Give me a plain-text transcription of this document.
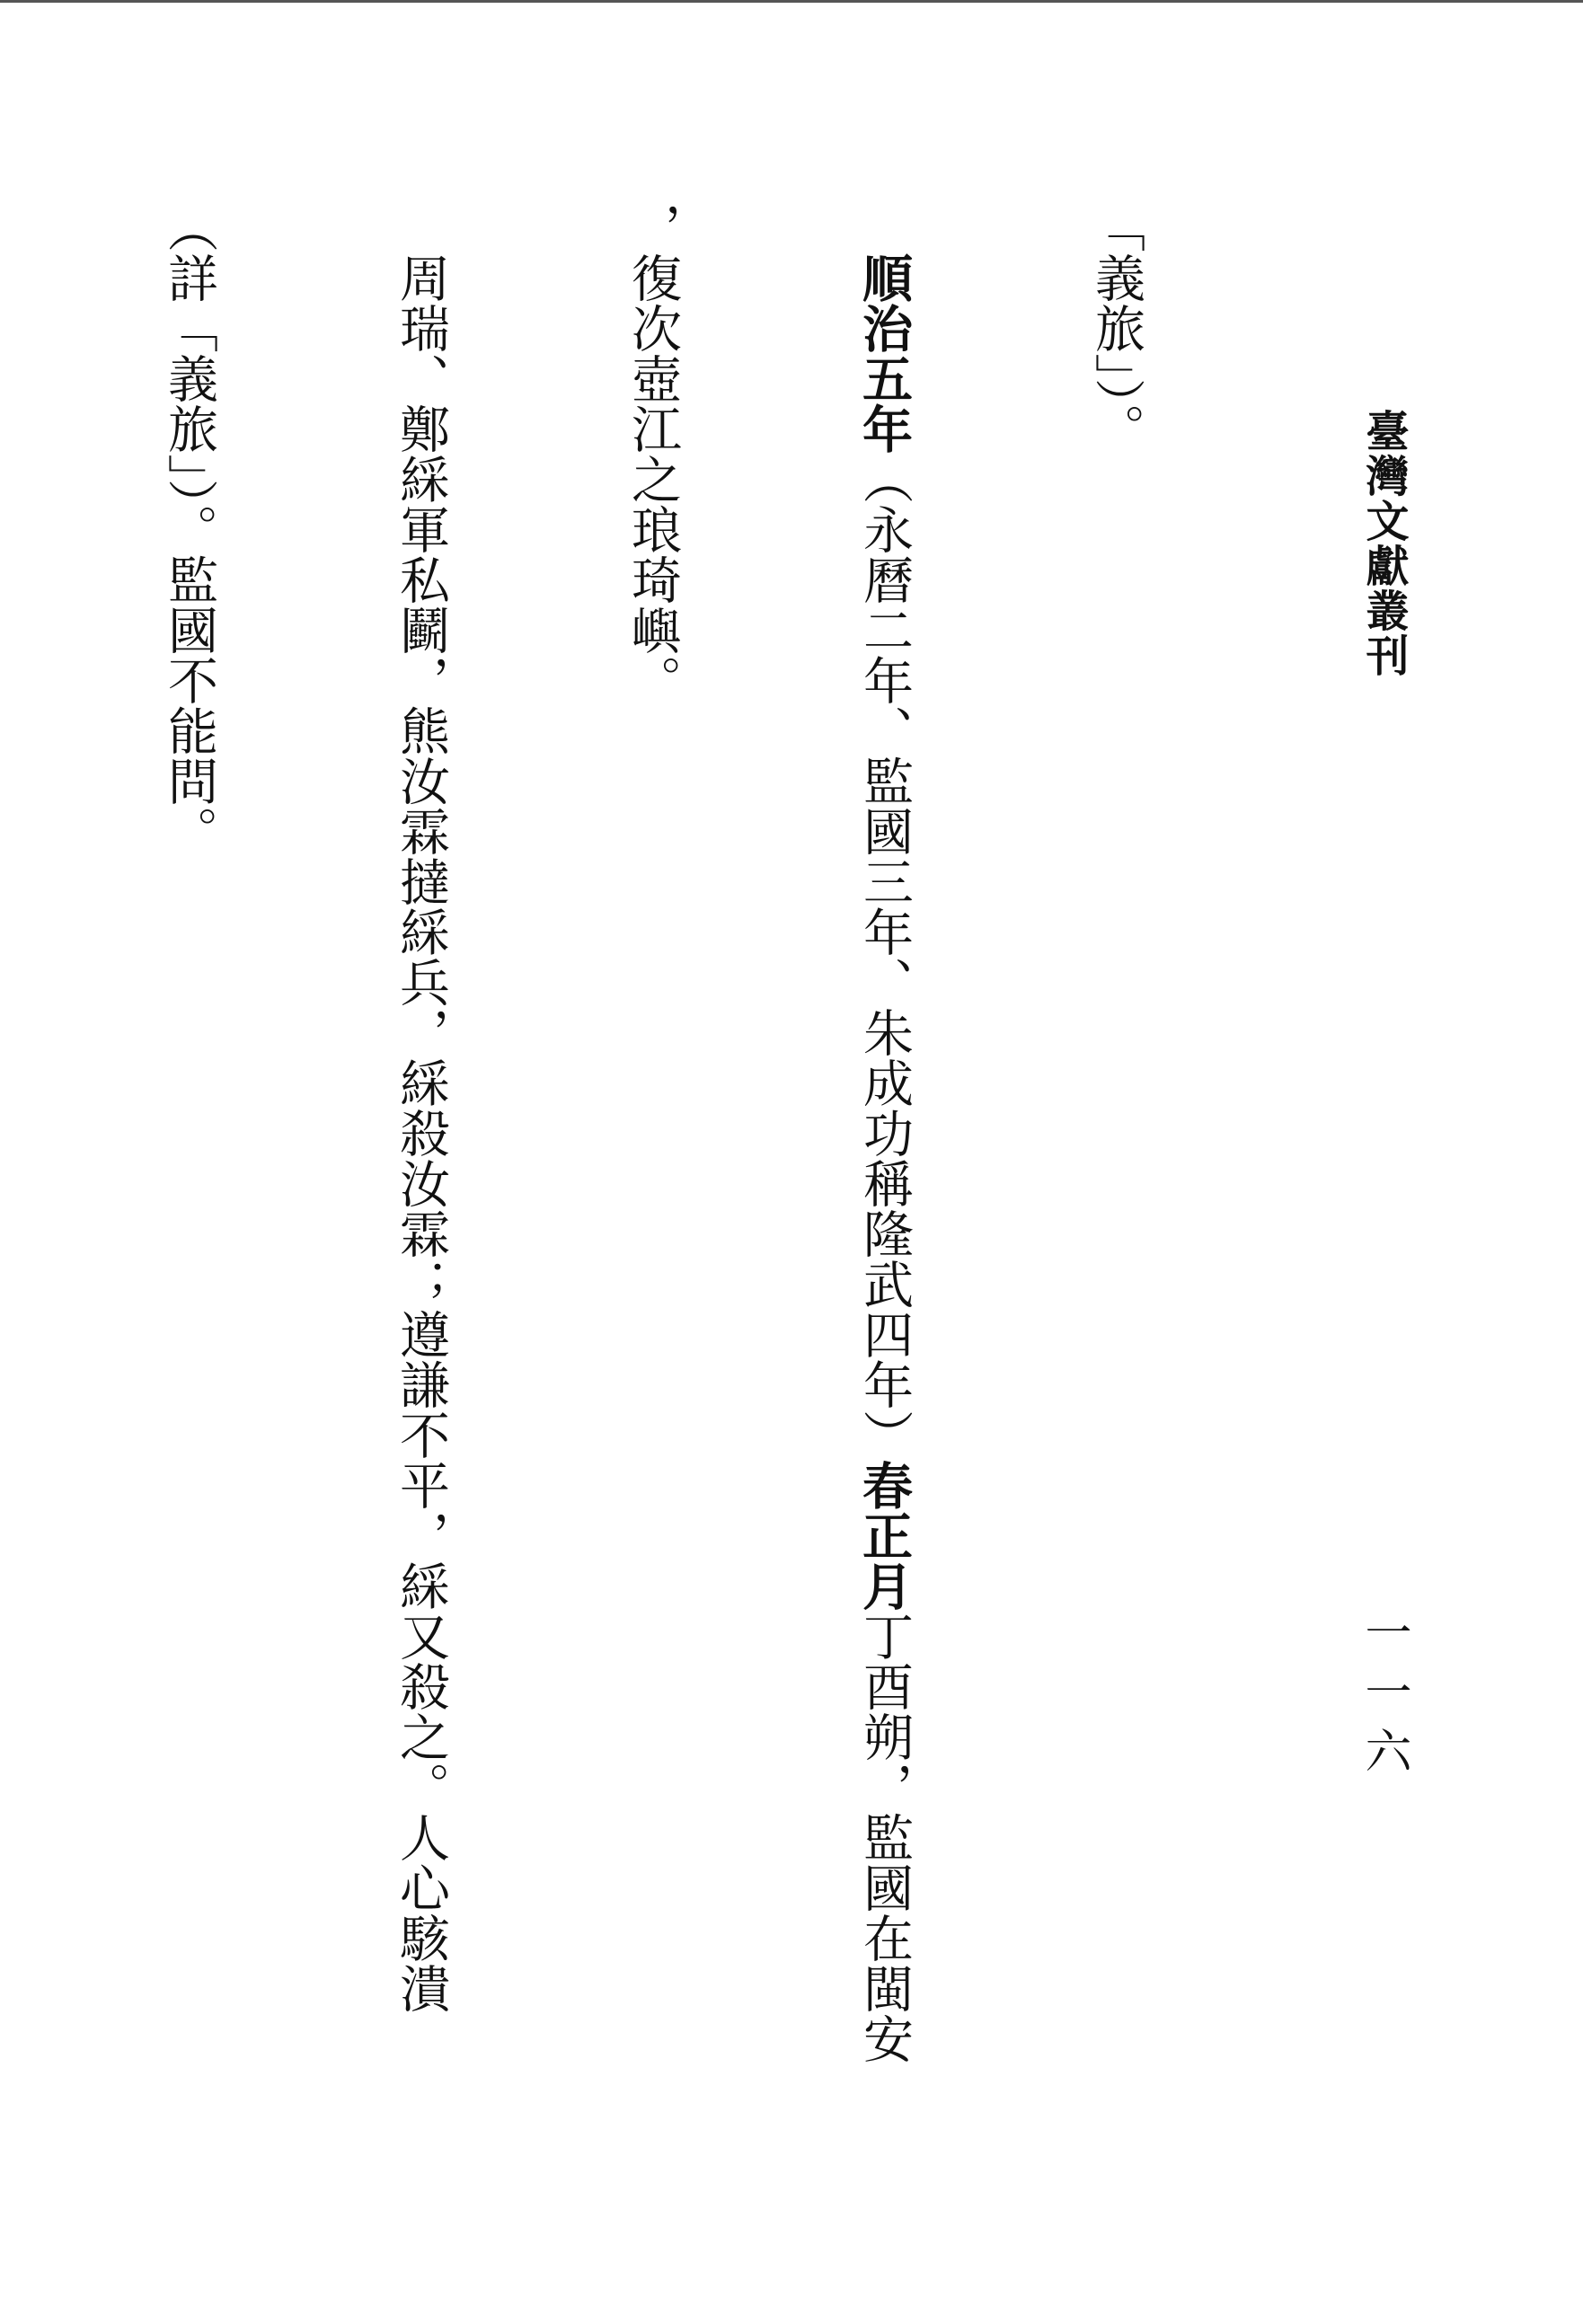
臺灣文獻叢刊
一一六

「義旅」）。

　順治五年（永曆二年、監國三年、朱成功稱隆武四年）春正月丁酉朔，監國在閩安

，復次壺江之琅琦嶼。

　周瑞、鄭綵軍私鬬，熊汝霖撻綵兵，綵殺汝霖；遵謙不平，綵又殺之。人心駭潰

（詳「義旅」）。監國不能問。
